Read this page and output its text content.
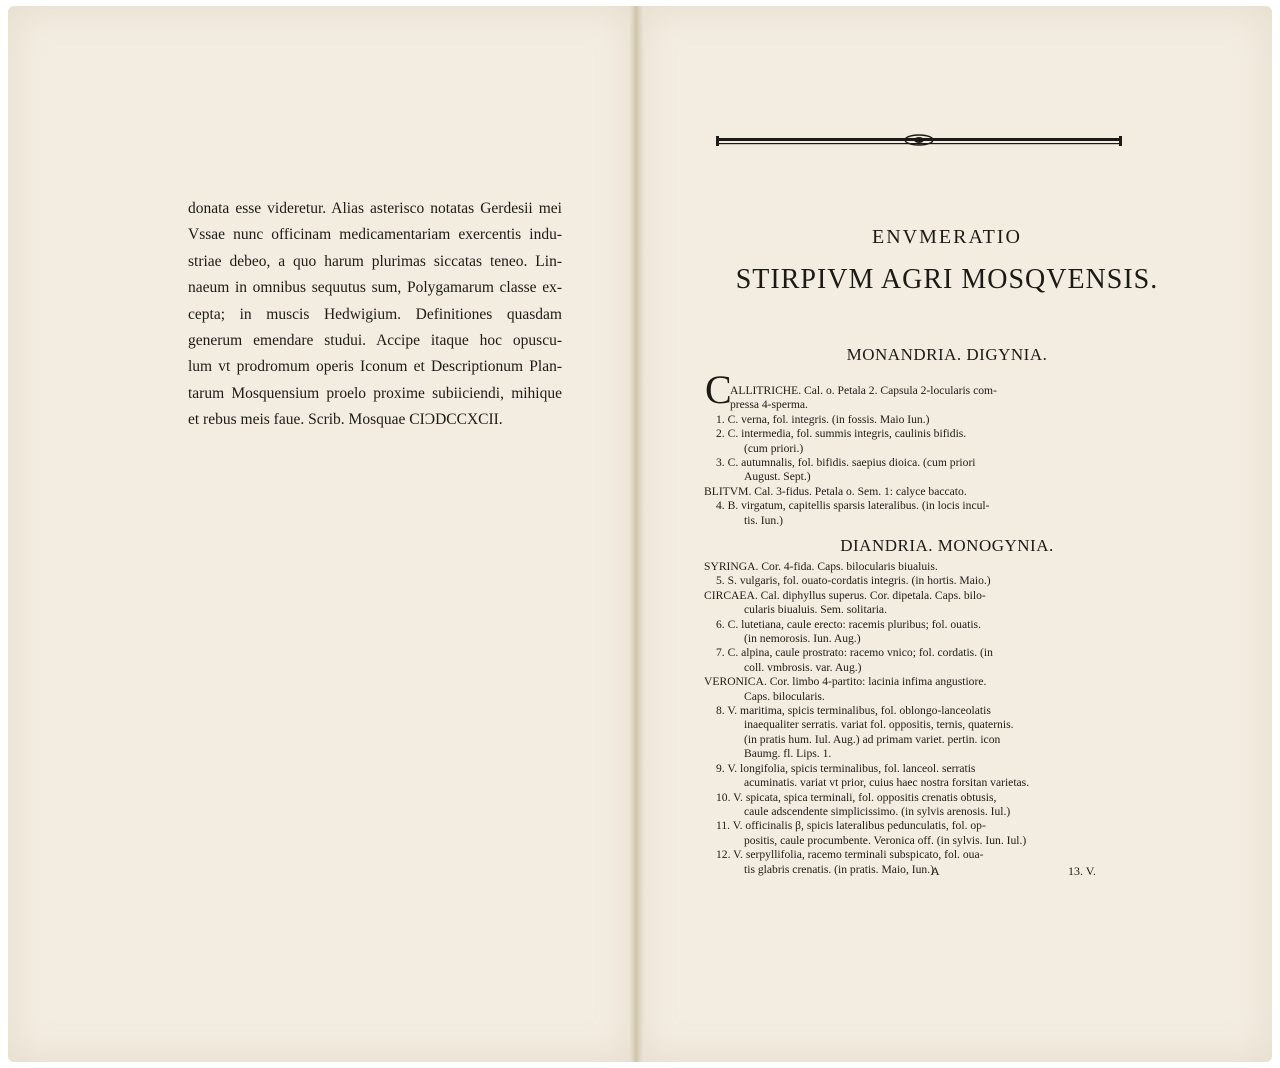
donata esse videretur. Alias asterisco notatas Gerdesii mei
Vssae nunc officinam medicamentariam exercentis indu-
striae debeo, a quo harum plurimas siccatas teneo. Lin-
naeum in omnibus sequutus sum, Polygamarum classe ex-
cepta; in muscis Hedwigium. Definitiones quasdam
generum emendare studui. Accipe itaque hoc opuscu-
lum vt prodromum operis Iconum et Descriptionum Plan-
tarum Mosquensium proelo proxime subiiciendi, mihique
et rebus meis faue. Scrib. Mosquae CIƆDCCXCII.
ENVMERATIO
STIRPIVM AGRI MOSQVENSIS.
MONANDRIA. DIGYNIA.
C
ALLITRICHE. Cal. o. Petala 2. Capsula 2-locularis com-
pressa 4-sperma.
1. C. verna, fol. integris. (in fossis. Maio Iun.)
2. C. intermedia, fol. summis integris, caulinis bifidis.
(cum priori.)
3. C. autumnalis, fol. bifidis. saepius dioica. (cum priori
August. Sept.)
BLITVM. Cal. 3-fidus. Petala o. Sem. 1: calyce baccato.
4. B. virgatum, capitellis sparsis lateralibus. (in locis incul-
tis. Iun.)
DIANDRIA. MONOGYNIA.
SYRINGA. Cor. 4-fida. Caps. bilocularis biualuis.
5. S. vulgaris, fol. ouato-cordatis integris. (in hortis. Maio.)
CIRCAEA. Cal. diphyllus superus. Cor. dipetala. Caps. bilo-
cularis biualuis. Sem. solitaria.
6. C. lutetiana, caule erecto: racemis pluribus; fol. ouatis.
(in nemorosis. Iun. Aug.)
7. C. alpina, caule prostrato: racemo vnico; fol. cordatis. (in
coll. vmbrosis. var. Aug.)
VERONICA. Cor. limbo 4-partito: lacinia infima angustiore.
Caps. bilocularis.
8. V. maritima, spicis terminalibus, fol. oblongo-lanceolatis
inaequaliter serratis. variat fol. oppositis, ternis, quaternis.
(in pratis hum. Iul. Aug.) ad primam variet. pertin. icon
Baumg. fl. Lips. 1.
9. V. longifolia, spicis terminalibus, fol. lanceol. serratis
acuminatis. variat vt prior, cuius haec nostra forsitan varietas.
10. V. spicata, spica terminali, fol. oppositis crenatis obtusis,
caule adscendente simplicissimo. (in sylvis arenosis. Iul.)
11. V. officinalis β, spicis lateralibus pedunculatis, fol. op-
positis, caule procumbente. Veronica off. (in sylvis. Iun. Iul.)
12. V. serpyllifolia, racemo terminali subspicato, fol. oua-
tis glabris crenatis. (in pratis. Maio, Iun.)
A	13. V.
